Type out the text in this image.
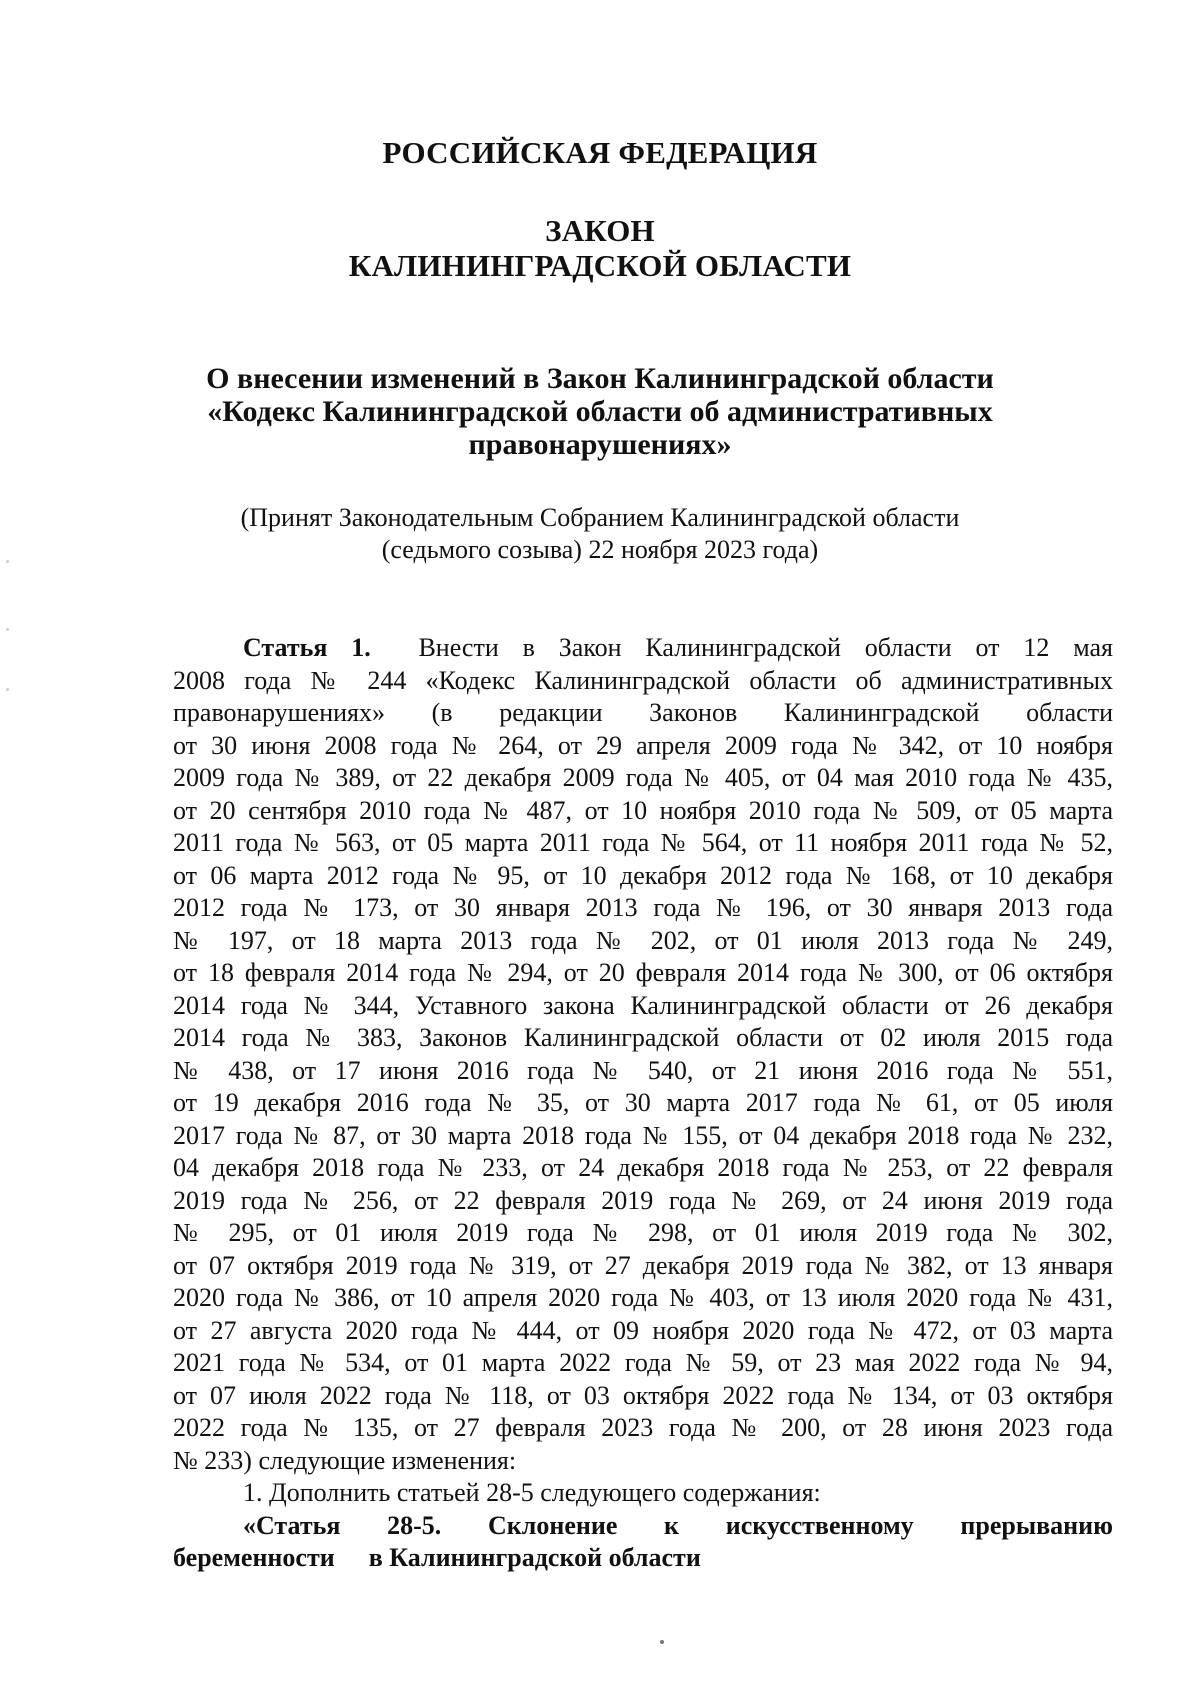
РОССИЙСКАЯ ФЕДЕРАЦИЯ
ЗАКОН
КАЛИНИНГРАДСКОЙ ОБЛАСТИ
О внесении изменений в Закон Калининградской области
«Кодекс Калининградской области об административных
правонарушениях»
(Принят Законодательным Собранием Калининградской области
(седьмого созыва) 22 ноября 2023 года)
Статья 1. Внести в Закон Калининградской области от 12 мая
2008 года № 244 «Кодекс Калининградской области об административных
правонарушениях» (в редакции Законов Калининградской области
от 30 июня 2008 года № 264, от 29 апреля 2009 года № 342, от 10 ноября
2009 года № 389, от 22 декабря 2009 года № 405, от 04 мая 2010 года № 435,
от 20 сентября 2010 года № 487, от 10 ноября 2010 года № 509, от 05 марта
2011 года № 563, от 05 марта 2011 года № 564, от 11 ноября 2011 года № 52,
от 06 марта 2012 года № 95, от 10 декабря 2012 года № 168, от 10 декабря
2012 года № 173, от 30 января 2013 года № 196, от 30 января 2013 года
№ 197, от 18 марта 2013 года № 202, от 01 июля 2013 года № 249,
от 18 февраля 2014 года № 294, от 20 февраля 2014 года № 300, от 06 октября
2014 года № 344, Уставного закона Калининградской области от 26 декабря
2014 года № 383, Законов Калининградской области от 02 июля 2015 года
№ 438, от 17 июня 2016 года № 540, от 21 июня 2016 года № 551,
от 19 декабря 2016 года № 35, от 30 марта 2017 года № 61, от 05 июля
2017 года № 87, от 30 марта 2018 года № 155, от 04 декабря 2018 года № 232,
04 декабря 2018 года № 233, от 24 декабря 2018 года № 253, от 22 февраля
2019 года № 256, от 22 февраля 2019 года № 269, от 24 июня 2019 года
№ 295, от 01 июля 2019 года № 298, от 01 июля 2019 года № 302,
от 07 октября 2019 года № 319, от 27 декабря 2019 года № 382, от 13 января
2020 года № 386, от 10 апреля 2020 года № 403, от 13 июля 2020 года № 431,
от 27 августа 2020 года № 444, от 09 ноября 2020 года № 472, от 03 марта
2021 года № 534, от 01 марта 2022 года № 59, от 23 мая 2022 года № 94,
от 07 июля 2022 года № 118, от 03 октября 2022 года № 134, от 03 октября
2022 года № 135, от 27 февраля 2023 года № 200, от 28 июня 2023 года
№ 233) следующие изменения:
1. Дополнить статьей 28-5 следующего содержания:
«Статья 28-5. Склонение к искусственному прерыванию
беременности в Калининградской области
